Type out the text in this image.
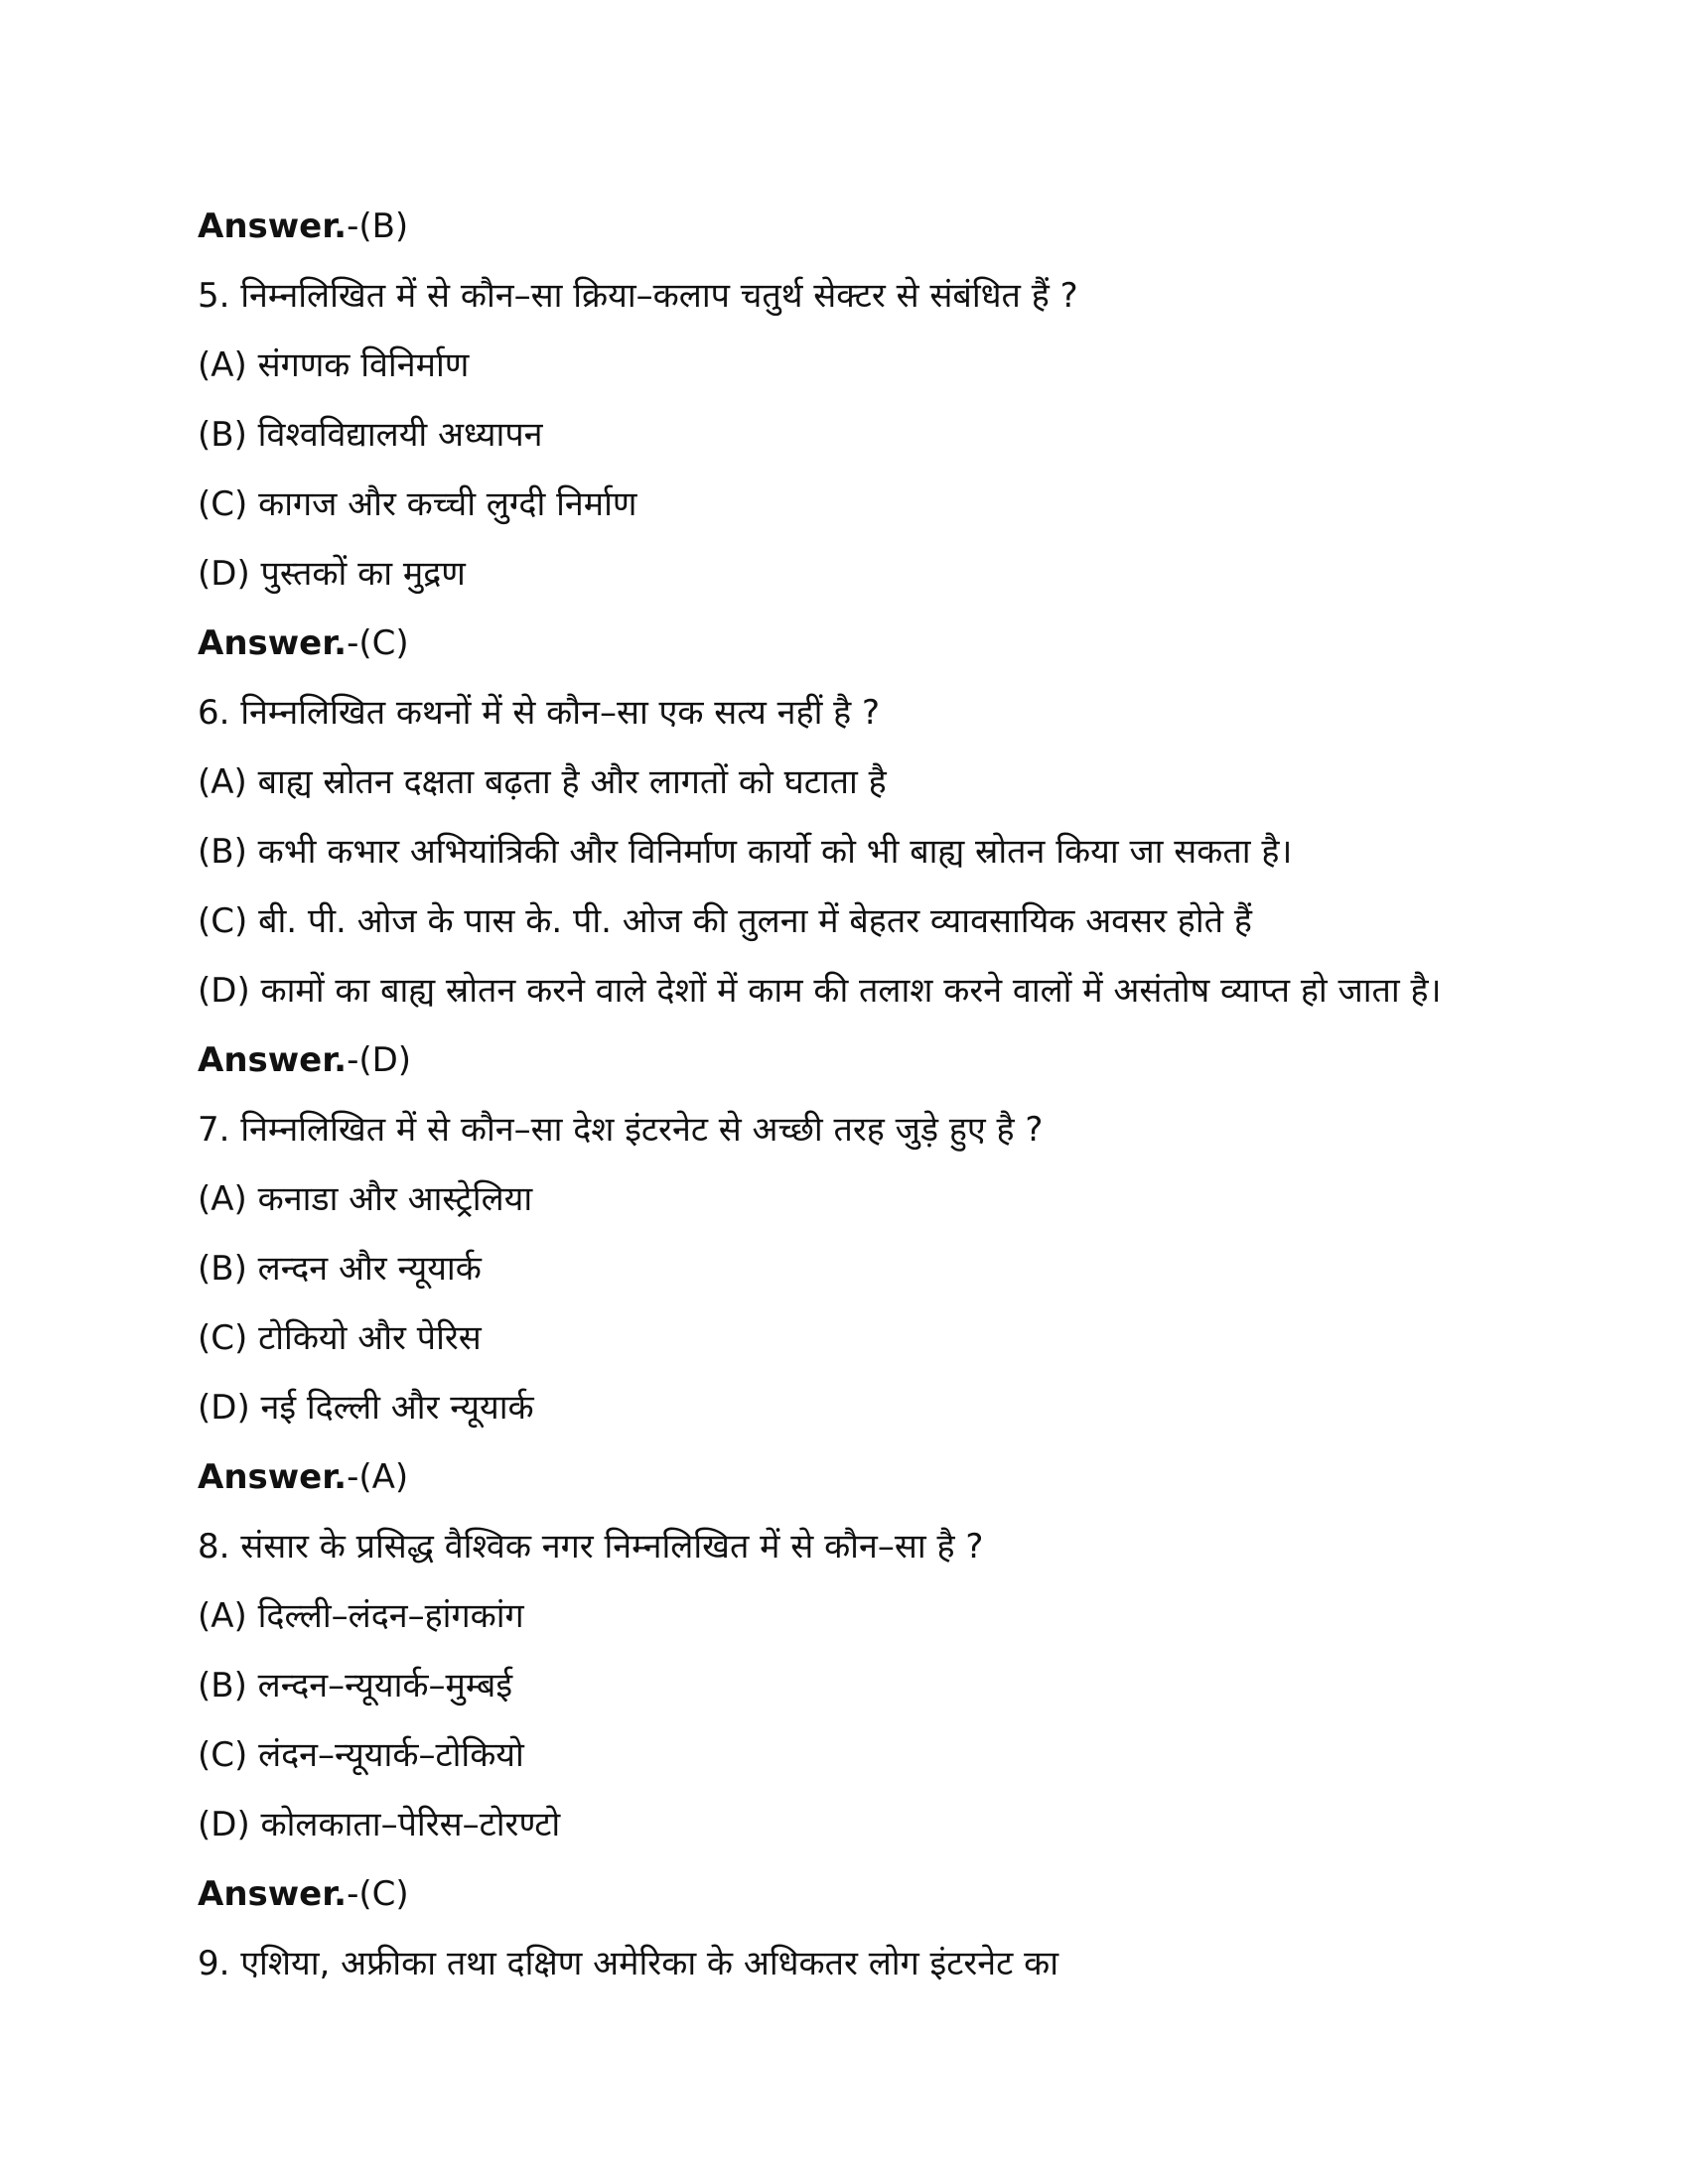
Answer.-(B)
5. निम्नलिखित में से कौन–सा क्रिया–कलाप चतुर्थ सेक्टर से संबंधित हैं ?
(A) संगणक विनिर्माण
(B) विश्वविद्यालयी अध्यापन
(C) कागज और कच्ची लुग्दी निर्माण
(D) पुस्तकों का मुद्रण
Answer.-(C)
6. निम्नलिखित कथनों में से कौन–सा एक सत्य नहीं है ?
(A) बाह्य स्रोतन दक्षता बढ़ता है और लागतों को घटाता है
(B) कभी कभार अभियांत्रिकी और विनिर्माण कार्यो को भी बाह्य स्रोतन किया जा सकता है।
(C) बी. पी. ओज के पास के. पी. ओज की तुलना में बेहतर व्यावसायिक अवसर होते हैं
(D) कामों का बाह्य स्रोतन करने वाले देशों में काम की तलाश करने वालों में असंतोष व्याप्त हो जाता है।
Answer.-(D)
7. निम्नलिखित में से कौन–सा देश इंटरनेट से अच्छी तरह जुड़े हुए है ?
(A) कनाडा और आस्ट्रेलिया
(B) लन्दन और न्यूयार्क
(C) टोकियो और पेरिस
(D) नई दिल्ली और न्यूयार्क
Answer.-(A)
8. संसार के प्रसिद्ध वैश्विक नगर निम्नलिखित में से कौन–सा है ?
(A) दिल्ली–लंदन–हांगकांग
(B) लन्दन–न्यूयार्क–मुम्बई
(C) लंदन–न्यूयार्क–टोकियो
(D) कोलकाता–पेरिस–टोरण्टो
Answer.-(C)
9. एशिया, अफ्रीका तथा दक्षिण अमेरिका के अधिकतर लोग इंटरनेट का
